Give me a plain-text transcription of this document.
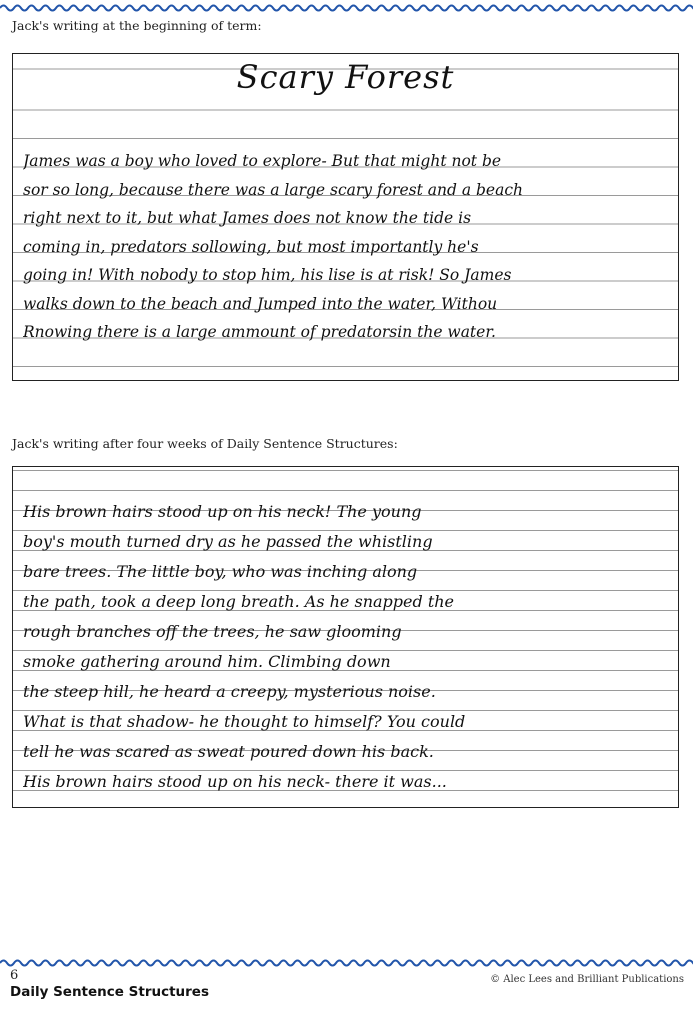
Jack's writing at the beginning of term:
Scary Forest
James was a boy who loved to explore- But that might not be
sor so long, because there was a large scary forest and a beach
right next to it, but what James does not know the tide is
coming in, predators sollowing, but most importantly he's
going in! With nobody to stop him, his lise is at risk! So James
walks down to the beach and Jumped into the water, Withou
Rnowing there is a large ammount of predatorsin the water.
Jack's writing after four weeks of Daily Sentence Structures:
His brown hairs stood up on his neck! The young
boy's mouth turned dry as he passed the whistling
bare trees. The little boy, who was inching along
the path, took a deep long breath. As he snapped the
rough branches off the trees, he saw glooming
smoke gathering around him. Climbing down
the steep hill, he heard a creepy, mysterious noise.
What is that shadow- he thought to himself? You could
tell he was scared as sweat poured down his back.
His brown hairs stood up on his neck- there it was...
6
Daily Sentence Structures
© Alec Lees and Brilliant Publications
